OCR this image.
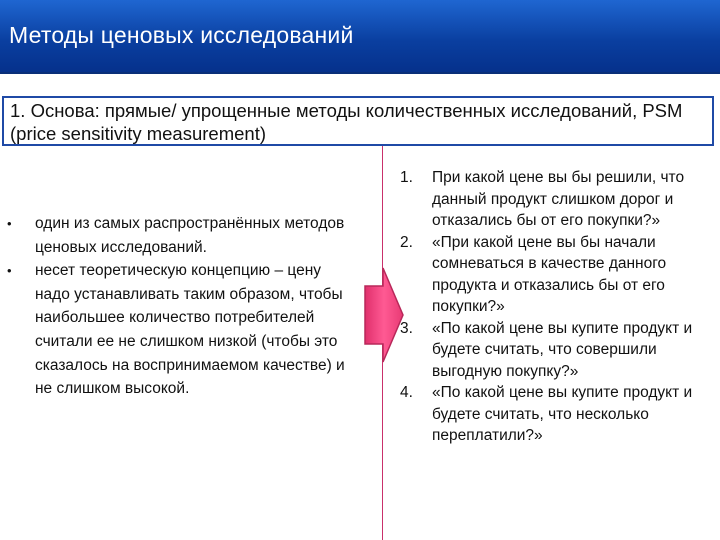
Методы ценовых исследований
1. Основа: прямые/ упрощенные методы количественных исследований, PSM (price sensitivity measurement)
• один из самых распространённых методов ценовых исследований.
• несет теоретическую концепцию – цену надо устанавливать таким образом, чтобы наибольшее количество потребителей считали ее не слишком низкой (чтобы это сказалось на воспринимаемом качестве) и не слишком высокой.
1. При какой цене вы бы решили, что данный продукт слишком дорог и отказались бы от его покупки?»
2. «При какой цене вы бы начали сомневаться в качестве данного продукта и отказались бы от его покупки?»
3. «По какой цене вы купите продукт и будете считать, что совершили выгодную покупку?»
4. «По какой цене вы купите продукт и будете считать, что несколько переплатили?»
